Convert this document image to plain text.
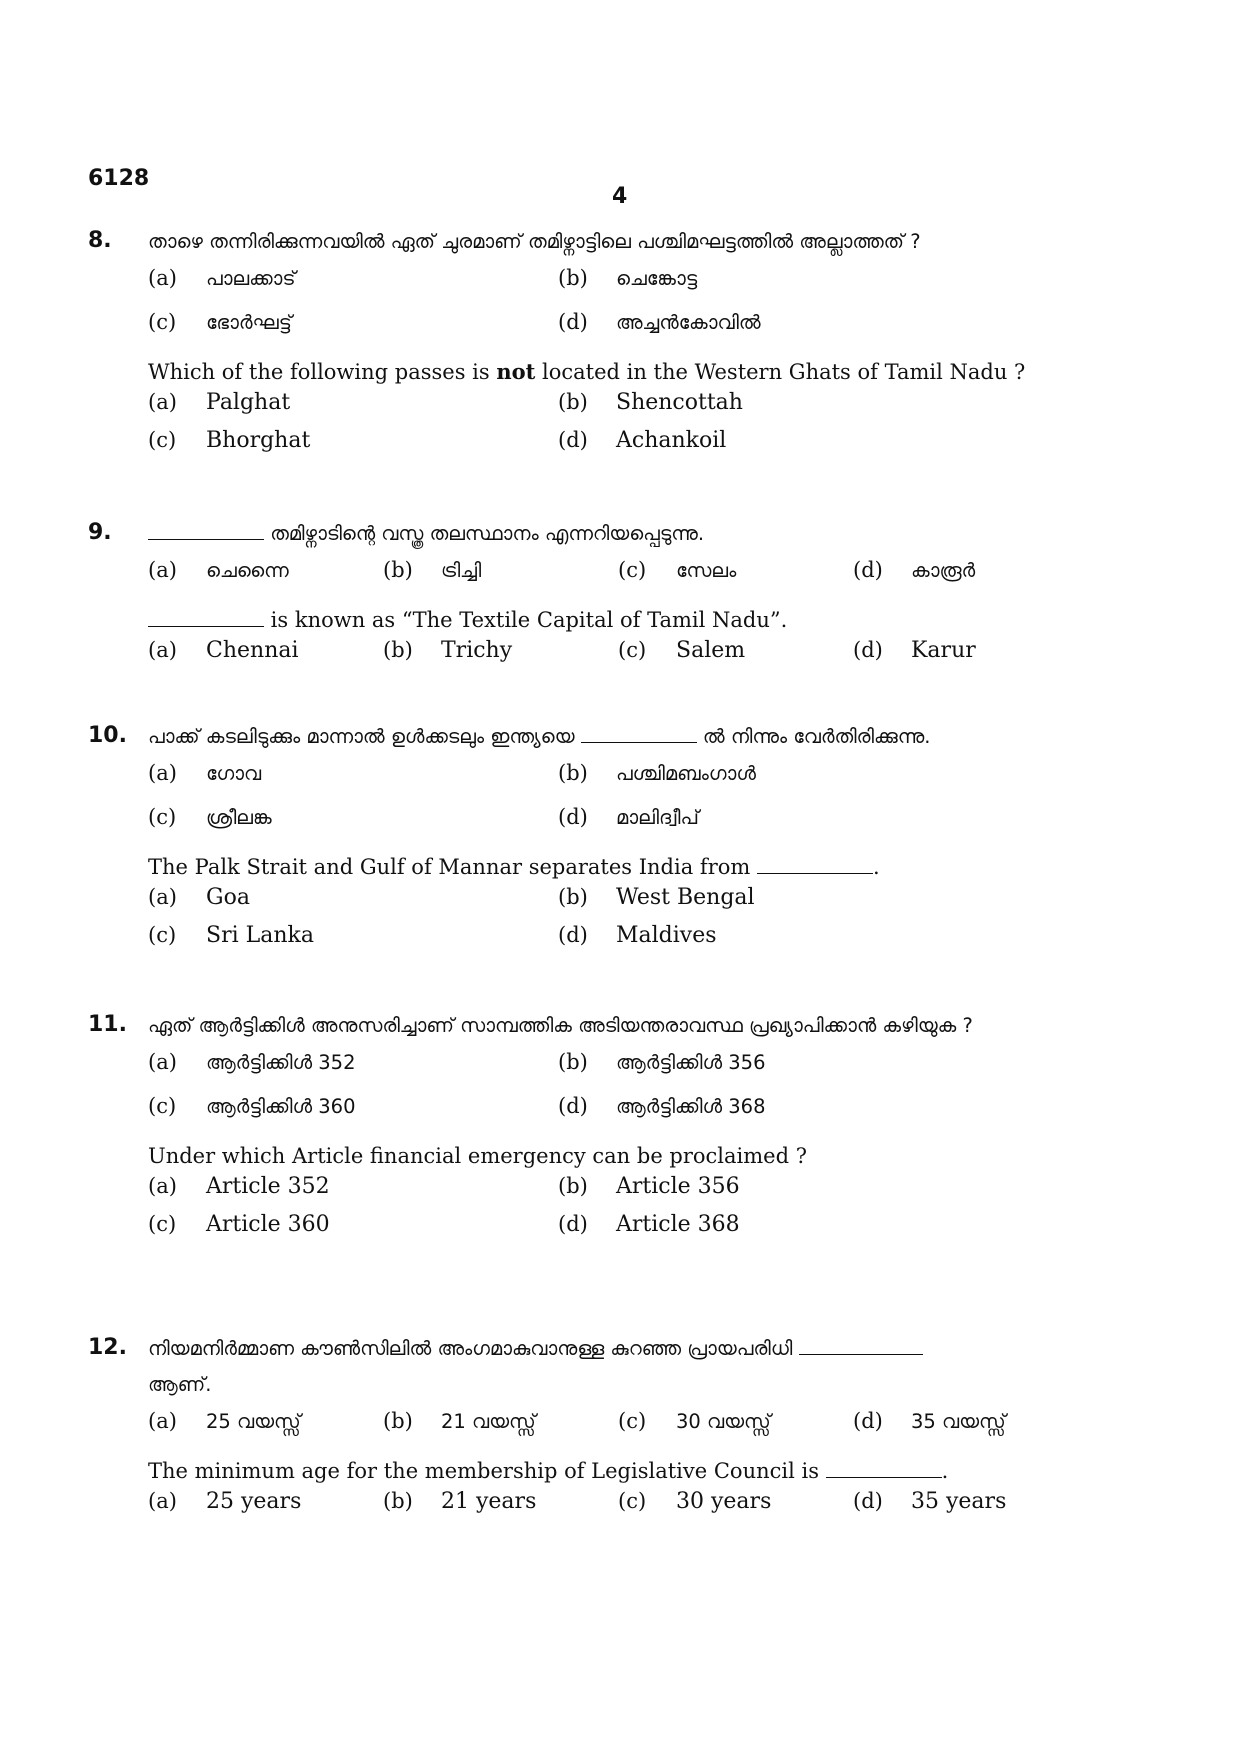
6128
4
8. താഴെ തന്നിരിക്കുന്നവയിൽ ഏത് ചുരമാണ് തമിഴ്നാട്ടിലെ പശ്ചിമഘട്ടത്തിൽ അല്ലാത്തത് ?
(a) പാലക്കാട്	(b) ചെങ്കോട്ട
(c) ഭോർഘട്ട്	(d) അച്ചൻകോവിൽ
Which of the following passes is not located in the Western Ghats of Tamil Nadu ?
(a) Palghat	(b) Shencottah
(c) Bhorghat	(d) Achankoil
9.	തമിഴ്നാടിന്റെ വസ്ത്ര തലസ്ഥാനം എന്നറിയപ്പെടുന്നു.
(a) ചെന്നൈ	(b) ട്രിച്ചി	(c) സേലം	(d) കാരൂർ
is known as “The Textile Capital of Tamil Nadu”.
(a) Chennai	(b) Trichy	(c) Salem	(d) Karur
10. പാക്ക് കടലിടുക്കും മാന്നാൽ ഉൾക്കടലും ഇന്ത്യയെ	ൽ നിന്നും വേർതിരിക്കുന്നു.
(a) ഗോവ	(b) പശ്ചിമബംഗാൾ
(c) ശ്രീലങ്ക	(d) മാലിദ്വീപ്
The Palk Strait and Gulf of Mannar separates India from	.
(a) Goa	(b) West Bengal
(c) Sri Lanka	(d) Maldives
11. ഏത് ആർട്ടിക്കിൾ അനുസരിച്ചാണ് സാമ്പത്തിക അടിയന്തരാവസ്ഥ പ്രഖ്യാപിക്കാൻ കഴിയുക ?
(a) ആർട്ടിക്കിൾ 352	(b) ആർട്ടിക്കിൾ 356
(c) ആർട്ടിക്കിൾ 360	(d) ആർട്ടിക്കിൾ 368
Under which Article financial emergency can be proclaimed ?
(a) Article 352	(b) Article 356
(c) Article 360	(d) Article 368
12. നിയമനിർമ്മാണ കൗൺസിലിൽ അംഗമാകുവാനുള്ള കുറഞ്ഞ പ്രായപരിധി
ആണ്.
(a) 25 വയസ്സ്	(b) 21 വയസ്സ്	(c) 30 വയസ്സ്	(d) 35 വയസ്സ്
The minimum age for the membership of Legislative Council is	.
(a) 25 years	(b) 21 years	(c) 30 years	(d) 35 years
